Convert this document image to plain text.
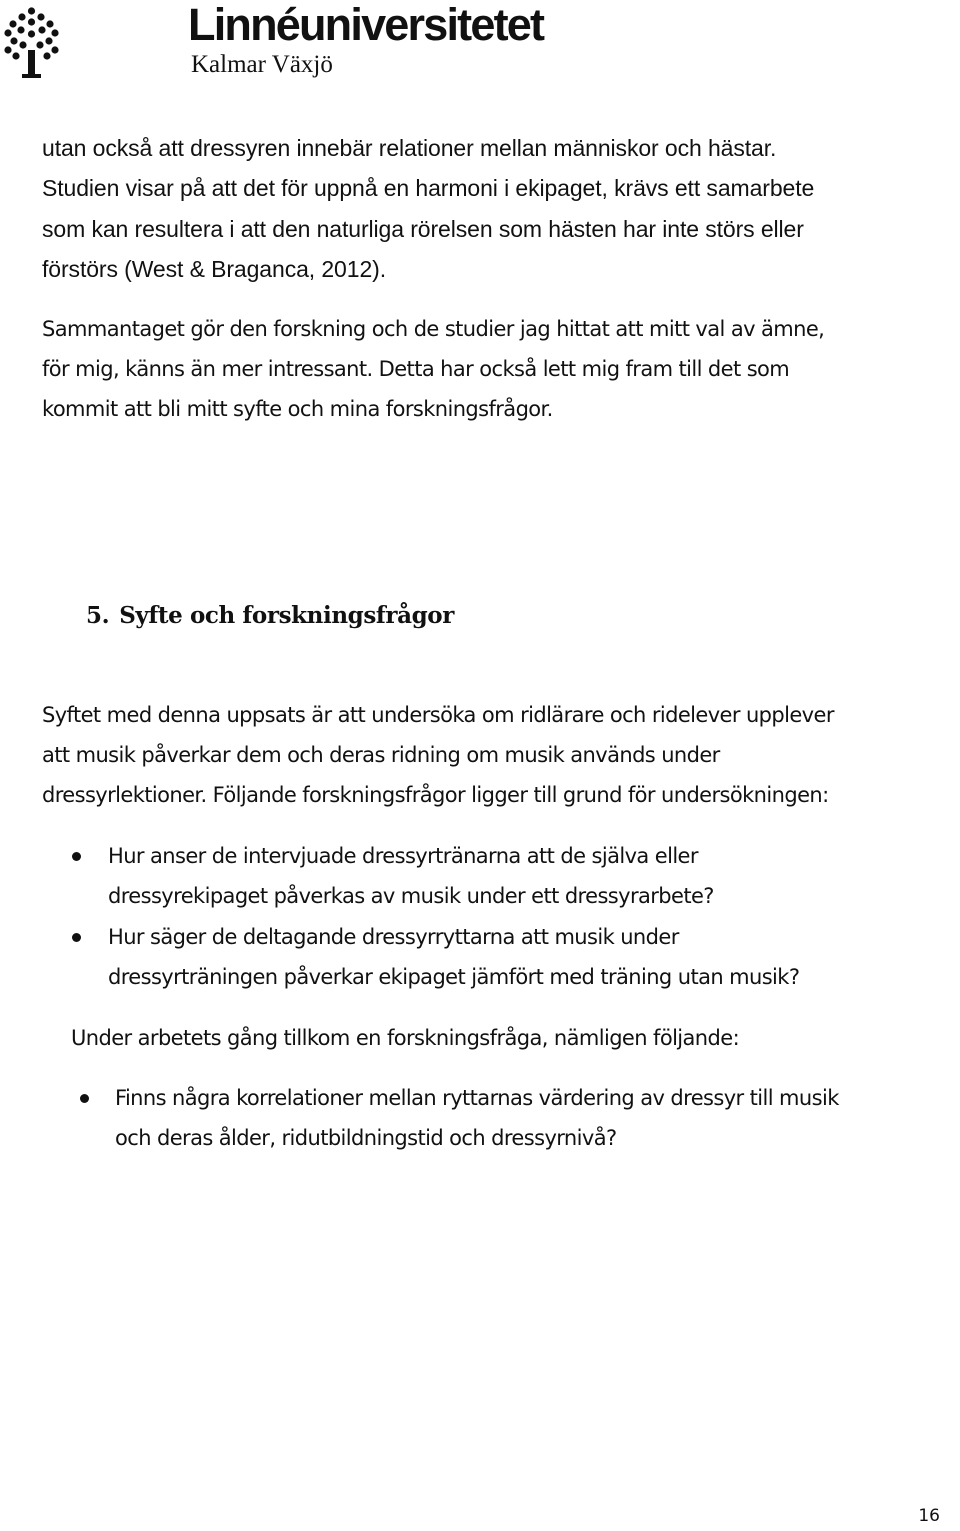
Linnéuniversitetet
Kalmar Växjö

utan också att dressyren innebär relationer mellan människor och hästar.

Studien visar på att det för uppnå en harmoni i ekipaget, krävs ett samarbete

som kan resultera i att den naturliga rörelsen som hästen har inte störs eller

förstörs (West & Braganca, 2012).

Sammantaget gör den forskning och de studier jag hittat att mitt val av ämne,

för mig, känns än mer intressant. Detta har också lett mig fram till det som

kommit att bli mitt syfte och mina forskningsfrågor.

5. Syfte och forskningsfrågor

Syftet med denna uppsats är att undersöka om ridlärare och ridelever upplever

att musik påverkar dem och deras ridning om musik används under

dressyrlektioner. Följande forskningsfrågor ligger till grund för undersökningen:

Hur anser de intervjuade dressyrtränarna att de själva eller

dressyrekipaget påverkas av musik under ett dressyrarbete?

Hur säger de deltagande dressyrryttarna att musik under

dressyrträningen påverkar ekipaget jämfört med träning utan musik?

Under arbetets gång tillkom en forskningsfråga, nämligen följande:

Finns några korrelationer mellan ryttarnas värdering av dressyr till musik

och deras ålder, ridutbildningstid och dressyrnivå?

16
